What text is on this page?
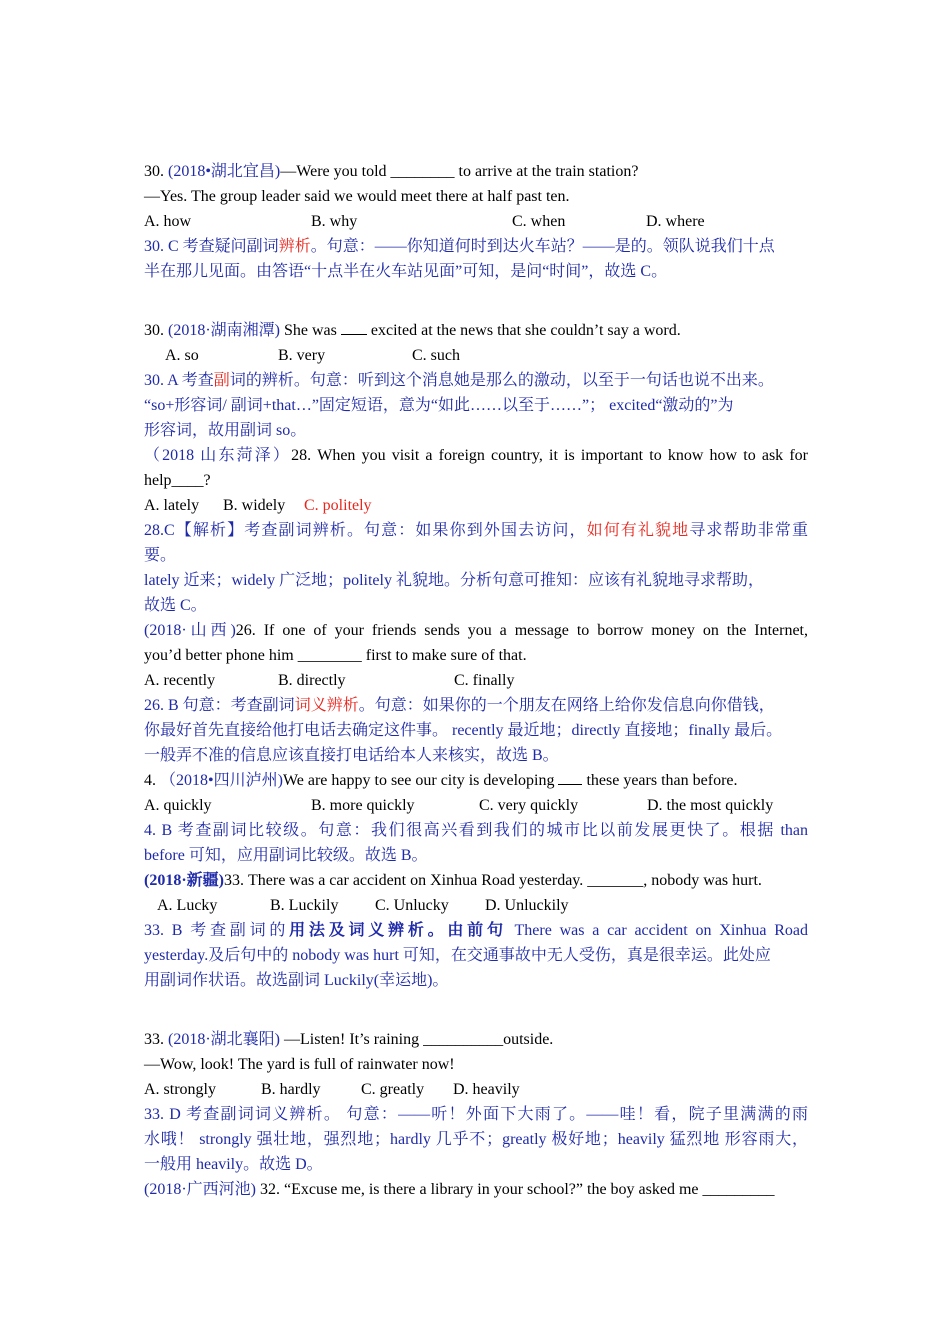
30. (2018•湖北宜昌)—Were you told ________ to arrive at the train station?
—Yes. The group leader said we would meet there at half past ten.
A. how	B. why	C. when	D. where
30. C 考查疑问副词辨析。句意：——你知道何时到达火车站？——是的。领队说我们十点
半在那儿见面。由答语“十点半在火车站见面”可知，是问“时间”，故选 C。
30. (2018·湖南湘潭) She was  excited at the news that she couldn’t say a word.
A. so	B. very	C. such
30. A 考查副词的辨析。句意：听到这个消息她是那么的激动，以至于一句话也说不出来。
“so+形容词/ 副词+that…”固定短语，意为“如此……以至于……”； excited“激动的”为
形容词，故用副词 so。
（2018 山东菏泽）28. When you visit a foreign country, it is important to know how to ask for
help____?
A. lately B. widely C. politely
28.C【解析】考查副词辨析。句意：如果你到外国去访问，如何有礼貌地寻求帮助非常重
要。
lately 近来；widely 广泛地；politely 礼貌地。分析句意可推知：应该有礼貌地寻求帮助，
故选 C。
(2018·山西)26. If one of your friends sends you a message to borrow money on the Internet,
you’d better phone him ________ first to make sure of that.
A. recently	B. directly	C. finally
26. B 句意：考查副词词义辨析。句意：如果你的一个朋友在网络上给你发信息向你借钱，
你最好首先直接给他打电话去确定这件事。 recently 最近地；directly 直接地；finally 最后。
一般弄不准的信息应该直接打电话给本人来核实，故选 B。
4. （2018•四川泸州)We are happy to see our city is developing  these years than before.
A. quickly	B. more quickly	C. very quickly	D. the most quickly
4. B 考查副词比较级。句意：我们很高兴看到我们的城市比以前发展更快了。根据 than
before 可知，应用副词比较级。故选 B。
(2018·新疆)33. There was a car accident on Xinhua Road yesterday. _______, nobody was hurt.
A. Lucky	B. Luckily C. Unlucky D. Unluckily
33. B 考查副词的用法及词义辨析。由前句 There was a car accident on Xinhua Road
yesterday.及后句中的 nobody was hurt 可知，在交通事故中无人受伤，真是很幸运。此处应
用副词作状语。故选副词 Luckily(幸运地)。
33. (2018·湖北襄阳) —Listen! It’s raining __________outside.
—Wow, look! The yard is full of rainwater now!
A. strongly	B. hardly	C. greatly D. heavily
33. D 考查副词词义辨析。 句意：——听！外面下大雨了。——哇！看，院子里满满的雨
水哦！ strongly 强壮地，强烈地；hardly 几乎不；greatly 极好地；heavily 猛烈地 形容雨大，
一般用 heavily。故选 D。
(2018·广西河池) 32. “Excuse me, is there a library in your school?” the boy asked me _________
